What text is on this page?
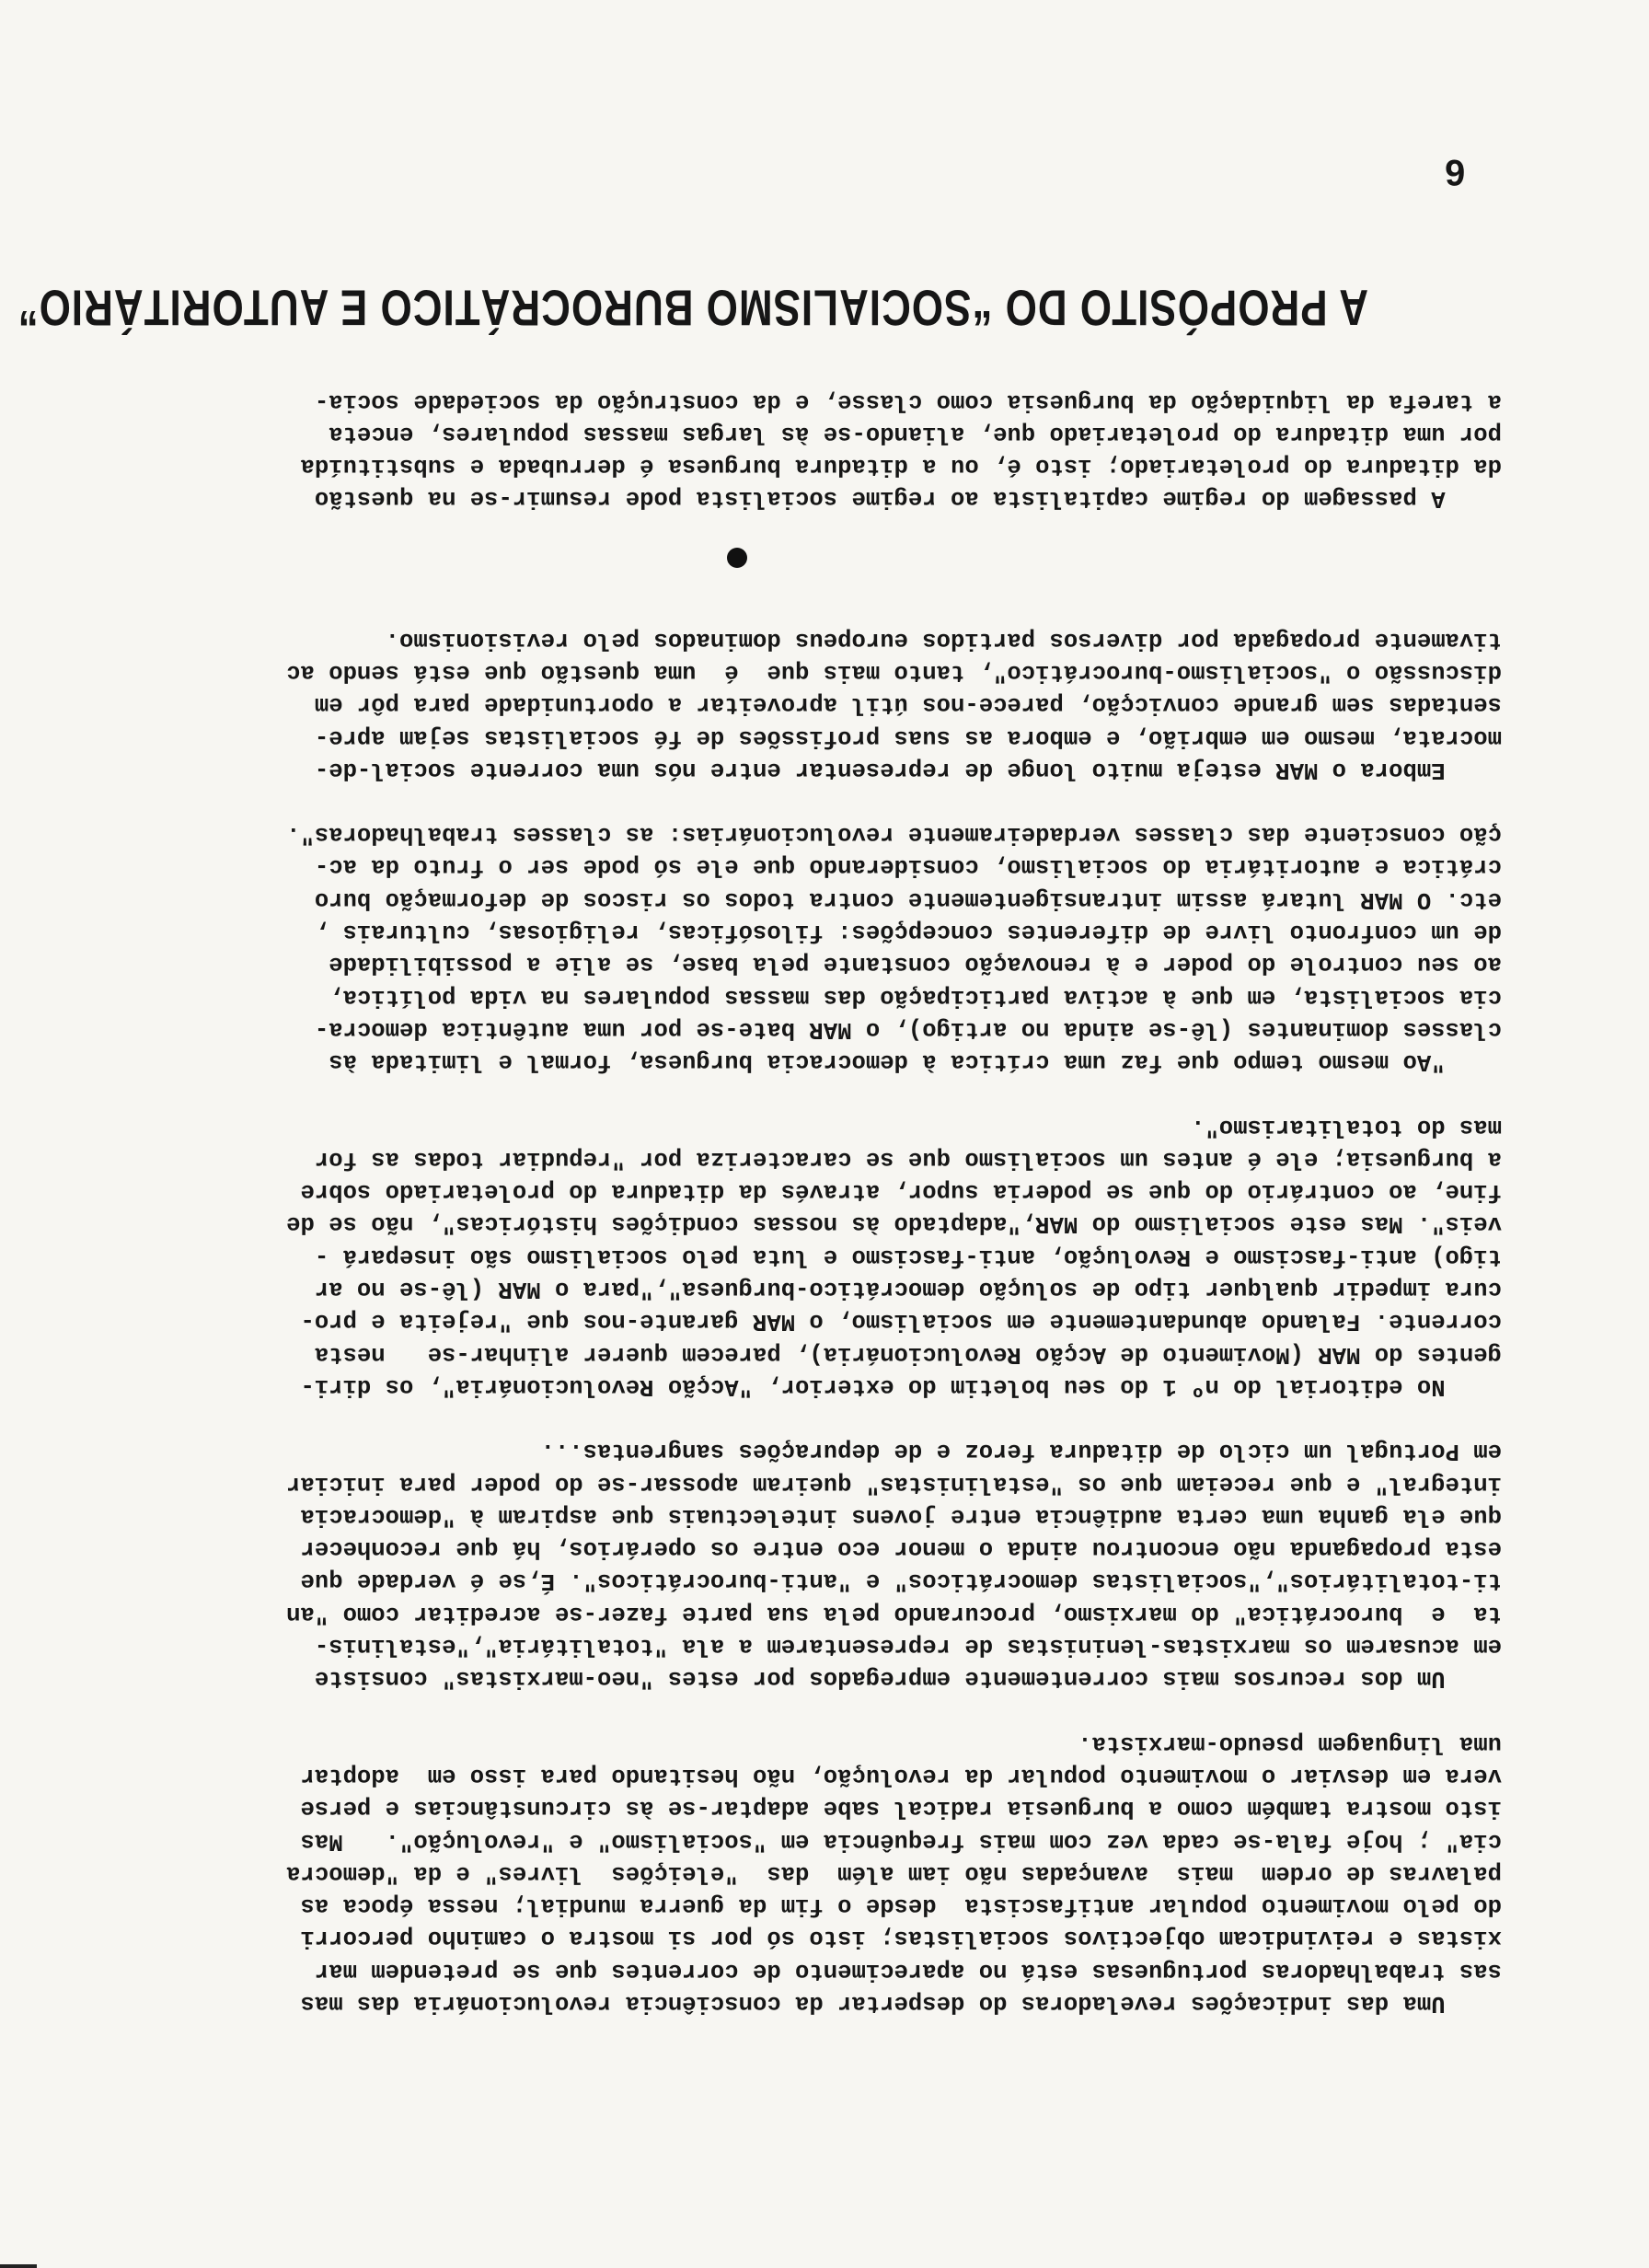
6
A PROPÓSITO DO “SOCIALISMO BUROCRÁTICO E AUTORITÁRIO”

Uma das indicações reveladoras do despertar da consciência revolucionária das mas
sas trabalhadoras portuguesas está no aparecimento de correntes que se pretendem mar
xistas e reivindicam objectivos socialistas; isto só por si mostra o caminho percorri
do pelo movimento popular antifascista  desde o fim da guerra mundial; nessa época as
palavras de ordem  mais  avançadas não iam além  das  "eleições  livres" e da "democra
cia" ; hoje fala-se cada vez com mais frequência em "socialismo" e "revolução".   Mas
isto mostra também como a burguesia radical sabe adaptar-se às circunstâncias e perse
vera em desviar o movimento popular da revolução, não hesitando para isso em  adoptar
uma linguagem pseudo-marxista.

Um dos recursos mais correntemente empregados por estes "neo-marxistas" consiste
em acusarem os marxistas-leninistas de representarem a ala "totalitária","estalinis-
ta  e  burocrática" do marxismo, procurando pela sua parte fazer-se acreditar como "an
ti-totalitários","socialistas democráticos" e "anti-burocráticos". É,se é verdade que
esta propaganda não encontrou ainda o menor eco entre os operários, há que reconhecer
que ela ganha uma certa audiência entre jovens intelectuais que aspiram à "democracia
integral" e que receiam que os "estalinistas" queiram apossar-se do poder para iniciar
em Portugal um ciclo de ditadura feroz e de depurações sangrentas...

No editorial do nº 1 do seu boletim do exterior, "Acção Revolucionária", os diri-
gentes do MAR (Movimento de Acção Revolucionária), parecem querer alinhar-se   nesta
corrente. Falando abundantemente em socialismo, o MAR garante-nos que "rejeita e pro-
cura impedir qualquer tipo de solução democrático-burguesa","para o MAR (lê-se no ar
tigo) anti-fascismo e Revolução, anti-fascismo e luta pelo socialismo são insepará -
veis". Mas este socialismo do MAR,"adaptado às nossas condições históricas", não se de
fine, ao contrário do que se poderia supor, através da ditadura do proletariado sobre
a burguesia; ele é antes um socialismo que se caracteriza por "repudiar todas as for
mas do totalitarismo".

"Ao mesmo tempo que faz uma crítica à democracia burguesa, formal e limitada às
classes dominantes (lê-se ainda no artigo), o MAR bate-se por uma autêntica democra-
cia socialista, em que à activa participação das massas populares na vida política,
ao seu controle do poder e à renovação constante pela base, se alie a possibilidade
de um confronto livre de diferentes concepções: filosóficas, religiosas, culturais ,
etc. O MAR lutará assim intransigentemente contra todos os riscos de deformação buro
crática e autoritária do socialismo, considerando que ele só pode ser o fruto da ac-
ção consciente das classes verdadeiramente revolucionárias: as classes trabalhadoras".

Embora o MAR esteja muito longe de representar entre nós uma corrente social-de-
mocrata, mesmo em embrião, e embora as suas profissões de fé socialistas sejam apre-
sentadas sem grande convicção, parece-nos útil aproveitar a oportunidade para pôr em
discussão o "socialismo-burocrático", tanto mais que  é  uma questão que está sendo ac
tivamente propagada por diversos partidos europeus dominados pelo revisionismo.

A passagem do regime capitalista ao regime socialista pode resumir-se na questão
da ditadura do proletariado; isto é, ou a ditadura burguesa é derrubada e substituída
por uma ditadura do proletariado que, aliando-se às largas massas populares, enceta
a tarefa da liquidação da burguesia como classe, e da construção da sociedade socia-
